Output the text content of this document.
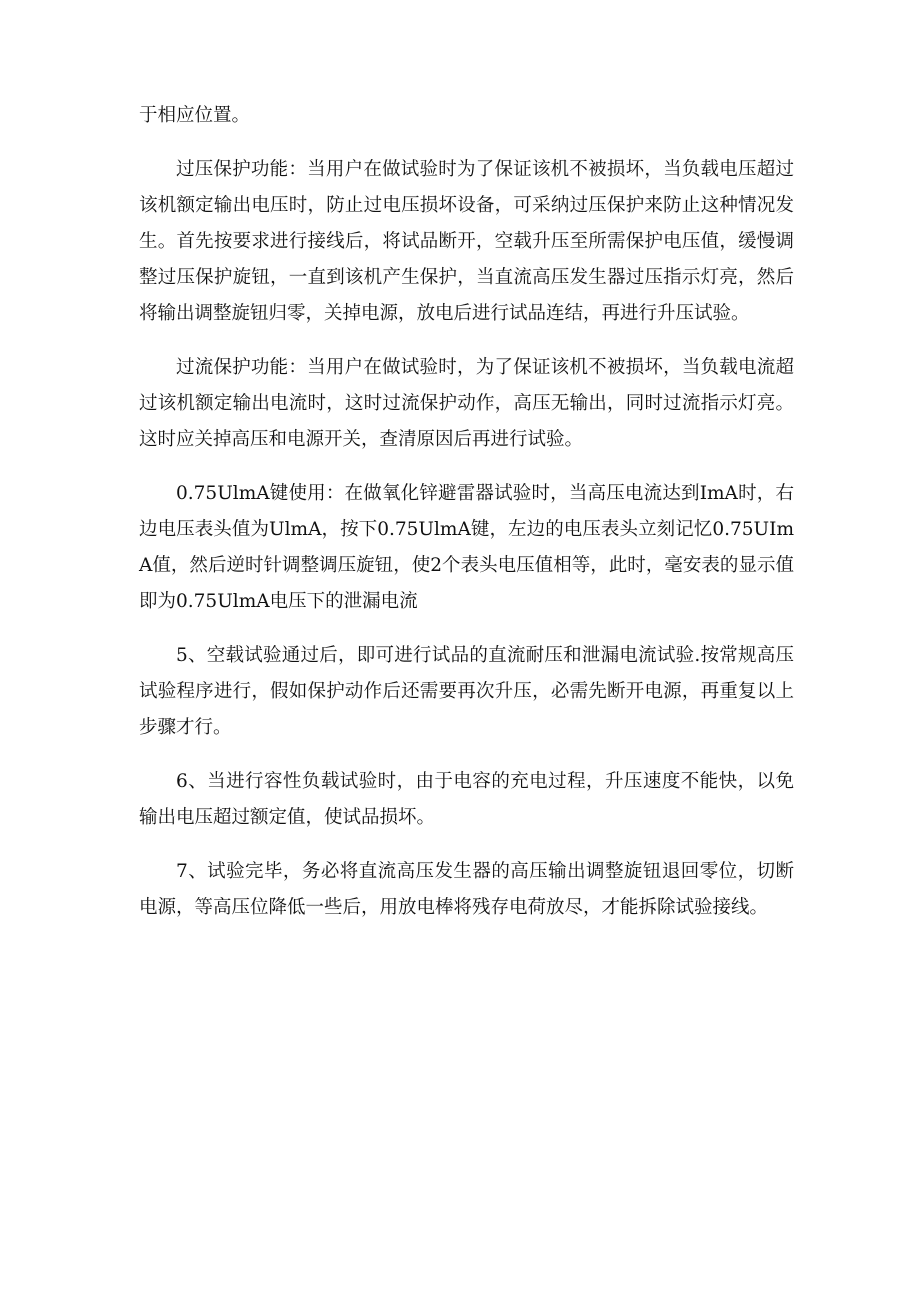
于相应位置。

过压保护功能：当用户在做试验时为了保证该机不被损坏，当负载电压超过该机额定输出电压时，防止过电压损坏设备，可采纳过压保护来防止这种情况发生。首先按要求进行接线后，将试品断开，空载升压至所需保护电压值，缓慢调整过压保护旋钮，一直到该机产生保护，当直流高压发生器过压指示灯亮，然后将输出调整旋钮归零，关掉电源，放电后进行试品连结，再进行升压试验。

过流保护功能：当用户在做试验时，为了保证该机不被损坏，当负载电流超过该机额定输出电流时，这时过流保护动作，高压无输出，同时过流指示灯亮。这时应关掉高压和电源开关，查清原因后再进行试验。

0.75UlmA键使用：在做氧化锌避雷器试验时，当高压电流达到ImA时，右边电压表头值为UlmA，按下0.75UlmA键，左边的电压表头立刻记忆0.75UImA值，然后逆时针调整调压旋钮，使2个表头电压值相等，此时，毫安表的显示值即为0.75UlmA电压下的泄漏电流

5、空载试验通过后，即可进行试品的直流耐压和泄漏电流试验.按常规高压试验程序进行，假如保护动作后还需要再次升压，必需先断开电源，再重复以上步骤才行。

6、当进行容性负载试验时，由于电容的充电过程，升压速度不能快，以免输出电压超过额定值，使试品损坏。

7、试验完毕，务必将直流高压发生器的高压输出调整旋钮退回零位，切断电源，等高压位降低一些后，用放电棒将残存电荷放尽，才能拆除试验接线。
